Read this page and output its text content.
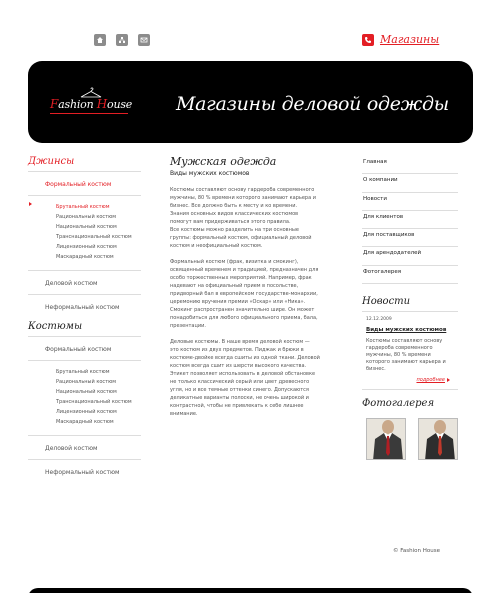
Магазины
Fashion House Магазины деловой одежды
Джинсы
Формальный костюм
Брутальный костюм
Рациональный костюм
Национальный костюм
Транснациональный костюм
Лицензионный костюм
Маскарадный костюм
Деловой костюм
Неформальный костюм
Костюмы
Формальный костюм
Брутальный костюм
Рациональный костюм
Национальный костюм
Транснациональный костюм
Лицензионный костюм
Маскарадный костюм
Деловой костюм
Неформальный костюм
Мужская одежда
Виды мужских костюмов

Костюмы составляют основу гардероба современного
мужчины, 80 % времени которого занимают карьера и
бизнес. Все должно быть к месту и ко времени.
Знания основных видов классических костюмов
помогут вам придерживаться этого правила.
Все костюмы можно разделить на три основные
группы: формальный костюм, официальный деловой
костюм и неофициальный костюм.

Формальный костюм (фрак, визитка и смокинг),
освященный временем и традицией, предназначен для
особо торжественных мероприятий. Например, фрак
надевают на официальный прием в посольстве,
придворный бал в европейском государстве-монархии,
церемонию вручения премии «Оскар» или «Ника».
Смокинг распространен значительно шире. Он может
понадобиться для любого официального приема, бала,
презентации.

Деловые костюмы. В наше время деловой костюм —
это костюм из двух предметов. Пиджак и брюки в
костюме-двойке всегда сшиты из одной ткани. Деловой
костюм всегда сшит из шерсти высокого качества.
Этикет позволяет использовать в деловой обстановке
не только классический серый или цвет древесного
угля, но и все темные оттенки синего. Допускаются
деликатные варианты полоски, не очень широкой и
контрастной, чтобы не привлекать к себе лишнее
внимание.

Главная
О компании
Новости
Для клиентов
Для поставщиков
Для арендодателей
Фотогалерея
Новости
12.12.2009
Виды мужских костюмов
Костюмы составляют основу гардероба современного мужчины, 80 % времени которого занимают карьера и бизнес.
подробнее
Фотогалерея
© Fashion House
